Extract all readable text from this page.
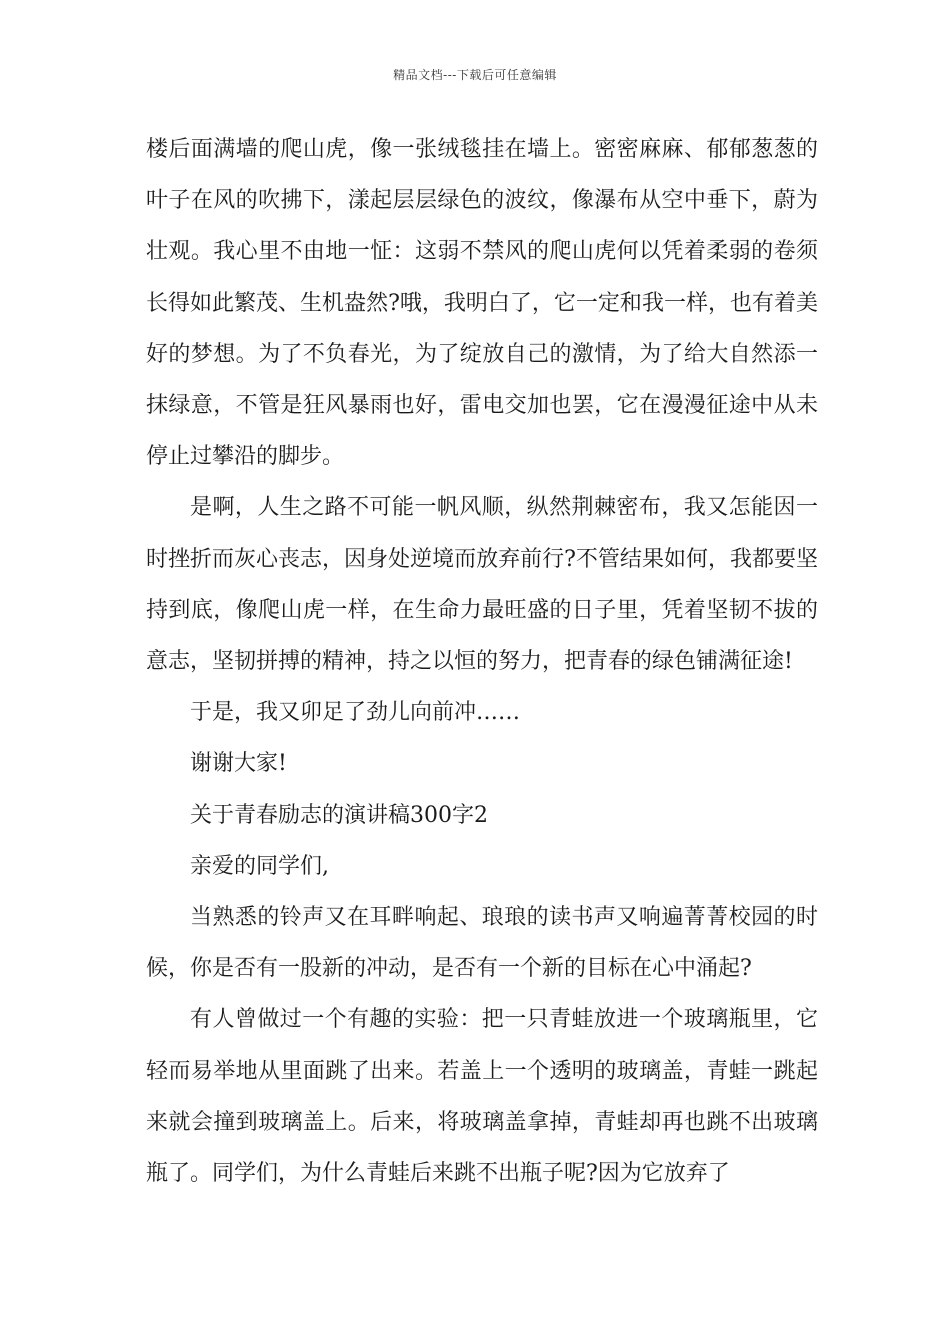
精品文档---下载后可任意编辑

楼后面满墙的爬山虎，像一张绒毯挂在墙上。密密麻麻、郁郁葱葱的叶子在风的吹拂下，漾起层层绿色的波纹，像瀑布从空中垂下，蔚为壮观。我心里不由地一怔：这弱不禁风的爬山虎何以凭着柔弱的卷须长得如此繁茂、生机盎然?哦，我明白了，它一定和我一样，也有着美好的梦想。为了不负春光，为了绽放自己的激情，为了给大自然添一抹绿意，不管是狂风暴雨也好，雷电交加也罢，它在漫漫征途中从未停止过攀沿的脚步。

是啊，人生之路不可能一帆风顺，纵然荆棘密布，我又怎能因一时挫折而灰心丧志，因身处逆境而放弃前行?不管结果如何，我都要坚持到底，像爬山虎一样，在生命力最旺盛的日子里，凭着坚韧不拔的意志，坚韧拼搏的精神，持之以恒的努力，把青春的绿色铺满征途!

于是，我又卯足了劲儿向前冲……

谢谢大家!

关于青春励志的演讲稿300字2

亲爱的同学们,

当熟悉的铃声又在耳畔响起、琅琅的读书声又响遍菁菁校园的时候，你是否有一股新的冲动，是否有一个新的目标在心中涌起?

有人曾做过一个有趣的实验：把一只青蛙放进一个玻璃瓶里，它轻而易举地从里面跳了出来。若盖上一个透明的玻璃盖，青蛙一跳起来就会撞到玻璃盖上。后来，将玻璃盖拿掉，青蛙却再也跳不出玻璃瓶了。同学们，为什么青蛙后来跳不出瓶子呢?因为它放弃了
